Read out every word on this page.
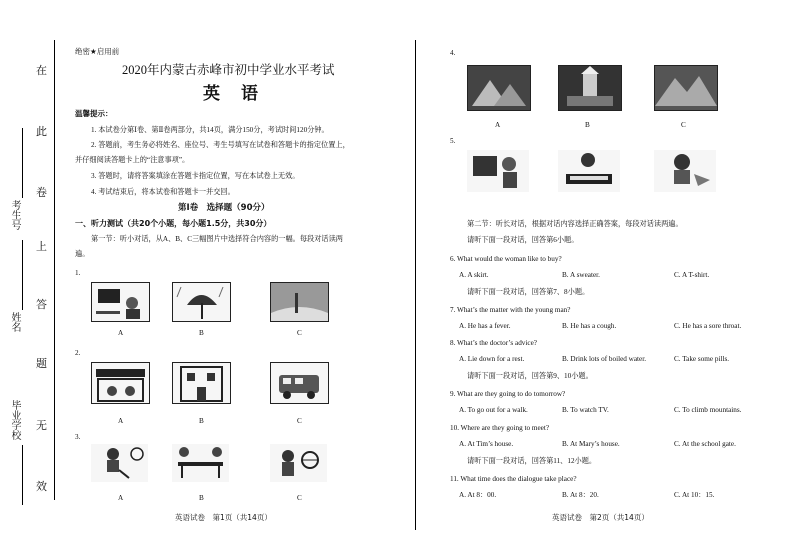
在
此
卷
上
答
题
无
效
考生号
姓名
毕业学校
绝密★启用前
2020年内蒙古赤峰市初中学业水平考试
英　语
温馨提示：
1. 本试卷分第Ⅰ卷、第Ⅱ卷两部分，共14页，满分150分，考试时间120分钟。
2. 答题前，考生务必将姓名、座位号、考生号填写在试卷和答题卡的指定位置上，
并仔细阅读答题卡上的“注意事项”。
3. 答题时，请将答案填涂在答题卡指定位置，写在本试卷上无效。
4. 考试结束后，将本试卷和答题卡一并交回。
第Ⅰ卷　选择题（90分）
一、听力测试（共20个小题，每小题1.5分，共30分）
第一节：听小对话，从A、B、C三幅图片中选择符合内容的一幅。每段对话读两
遍。
1.
A	B	C
2.
A	B	C
3.
A	B	C
英语试卷　第1页（共14页）
4.
A	B	C
5.
第二节：听长对话，根据对话内容选择正确答案，每段对话读两遍。
请听下面一段对话，回答第6小题。
6. What would the woman like to buy?
A. A skirt.	B. A sweater.	C. A T-shirt.
请听下面一段对话，回答第7、8小题。
7. What’s the matter with the young man?
A. He has a fever.	B. He has a cough.	C. He has a sore throat.
8. What’s the doctor’s advice?
A. Lie down for a rest.	B. Drink lots of boiled water.	C. Take some pills.
请听下面一段对话，回答第9、10小题。
9. What are they going to do tomorrow?
A. To go out for a walk.	B. To watch TV.	C. To climb mountains.
10. Where are they going to meet?
A. At Tim’s house.	B. At Mary’s house.	C. At the school gate.
请听下面一段对话，回答第11、12小题。
11. What time does the dialogue take place?
A. At 8：00.	B. At 8：20.	C. At 10：15.
英语试卷　第2页（共14页）
